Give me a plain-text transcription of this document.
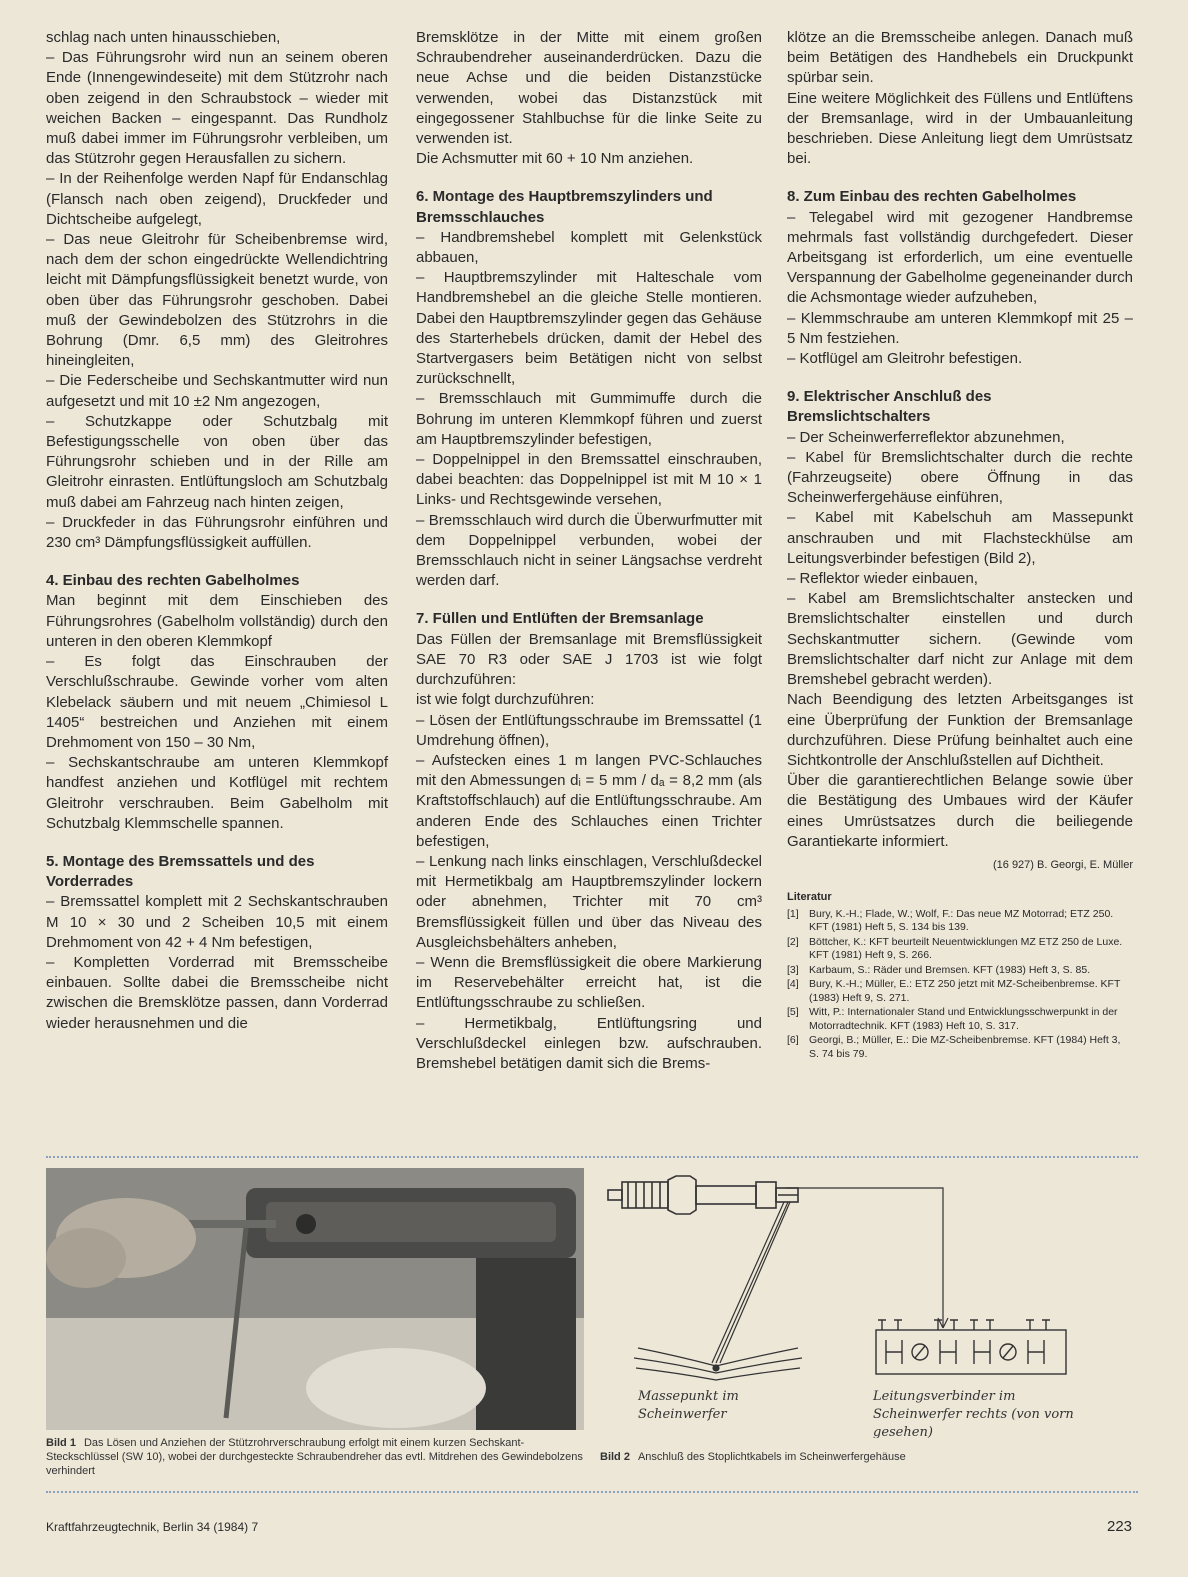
schlag nach unten hinausschieben,

– Das Führungsrohr wird nun an seinem oberen Ende (Innengewindeseite) mit dem Stützrohr nach oben zeigend in den Schraubstock – wieder mit weichen Backen – eingespannt. Das Rundholz muß dabei immer im Führungsrohr verbleiben, um das Stützrohr gegen Herausfallen zu sichern.

– In der Reihenfolge werden Napf für Endanschlag (Flansch nach oben zeigend), Druckfeder und Dichtscheibe aufgelegt,

– Das neue Gleitrohr für Scheibenbremse wird, nach dem der schon eingedrückte Wellendichtring leicht mit Dämpfungsflüssigkeit benetzt wurde, von oben über das Führungsrohr geschoben. Dabei muß der Gewindebolzen des Stützrohrs in die Bohrung (Dmr. 6,5 mm) des Gleitrohres hineingleiten,

– Die Federscheibe und Sechskantmutter wird nun aufgesetzt und mit 10 ±2 Nm angezogen,

– Schutzkappe oder Schutzbalg mit Befestigungsschelle von oben über das Führungsrohr schieben und in der Rille am Gleitrohr einrasten. Entlüftungsloch am Schutzbalg muß dabei am Fahrzeug nach hinten zeigen,

– Druckfeder in das Führungsrohr einführen und 230 cm³ Dämpfungsflüssigkeit auffüllen.

4. Einbau des rechten Gabelholmes

Man beginnt mit dem Einschieben des Führungsrohres (Gabelholm vollständig) durch den unteren in den oberen Klemmkopf

– Es folgt das Einschrauben der Verschlußschraube. Gewinde vorher vom alten Klebelack säubern und mit neuem „Chimiesol L 1405“ bestreichen und Anziehen mit einem Drehmoment von 150 – 30 Nm,

– Sechskantschraube am unteren Klemmkopf handfest anziehen und Kotflügel mit rechtem Gleitrohr verschrauben. Beim Gabelholm mit Schutzbalg Klemmschelle spannen.

5. Montage des Bremssattels und des Vorderrades

– Bremssattel komplett mit 2 Sechskantschrauben M 10 × 30 und 2 Scheiben 10,5 mit einem Drehmoment von 42 + 4 Nm befestigen,

– Kompletten Vorderrad mit Bremsscheibe einbauen. Sollte dabei die Bremsscheibe nicht zwischen die Bremsklötze passen, dann Vorderrad wieder herausnehmen und die

Bremsklötze in der Mitte mit einem großen Schraubendreher auseinanderdrücken. Dazu die neue Achse und die beiden Distanzstücke verwenden, wobei das Distanzstück mit eingegossener Stahlbuchse für die linke Seite zu verwenden ist.

Die Achsmutter mit 60 + 10 Nm anziehen.

6. Montage des Hauptbremszylinders und Bremsschlauches

– Handbremshebel komplett mit Gelenkstück abbauen,

– Hauptbremszylinder mit Halteschale vom Handbremshebel an die gleiche Stelle montieren. Dabei den Hauptbremszylinder gegen das Gehäuse des Starterhebels drücken, damit der Hebel des Startvergasers beim Betätigen nicht von selbst zurückschnellt,

– Bremsschlauch mit Gummimuffe durch die Bohrung im unteren Klemmkopf führen und zuerst am Hauptbremszylinder befestigen,

– Doppelnippel in den Bremssattel einschrauben, dabei beachten: das Doppelnippel ist mit M 10 × 1 Links- und Rechtsgewinde versehen,

– Bremsschlauch wird durch die Überwurfmutter mit dem Doppelnippel verbunden, wobei der Bremsschlauch nicht in seiner Längsachse verdreht werden darf.

7. Füllen und Entlüften der Bremsanlage

Das Füllen der Bremsanlage mit Bremsflüssigkeit SAE 70 R3 oder SAE J 1703 ist wie folgt durchzuführen:

ist wie folgt durchzuführen:

– Lösen der Entlüftungsschraube im Bremssattel (1 Umdrehung öffnen),

– Aufstecken eines 1 m langen PVC-Schlauches mit den Abmessungen dᵢ = 5 mm / dₐ = 8,2 mm (als Kraftstoffschlauch) auf die Entlüftungsschraube. Am anderen Ende des Schlauches einen Trichter befestigen,

– Lenkung nach links einschlagen, Verschlußdeckel mit Hermetikbalg am Hauptbremszylinder lockern oder abnehmen, Trichter mit 70 cm³ Bremsflüssigkeit füllen und über das Niveau des Ausgleichsbehälters anheben,

– Wenn die Bremsflüssigkeit die obere Markierung im Reservebehälter erreicht hat, ist die Entlüftungsschraube zu schließen.

– Hermetikbalg, Entlüftungsring und Verschlußdeckel einlegen bzw. aufschrauben. Bremshebel betätigen damit sich die Brems-

klötze an die Bremsscheibe anlegen. Danach muß beim Betätigen des Handhebels ein Druckpunkt spürbar sein.

Eine weitere Möglichkeit des Füllens und Entlüftens der Bremsanlage, wird in der Umbauanleitung beschrieben. Diese Anleitung liegt dem Umrüstsatz bei.

8. Zum Einbau des rechten Gabelholmes

– Telegabel wird mit gezogener Handbremse mehrmals fast vollständig durchgefedert. Dieser Arbeitsgang ist erforderlich, um eine eventuelle Verspannung der Gabelholme gegeneinander durch die Achsmontage wieder aufzuheben,

– Klemmschraube am unteren Klemmkopf mit 25 – 5 Nm festziehen.

– Kotflügel am Gleitrohr befestigen.

9. Elektrischer Anschluß des Bremslichtschalters

– Der Scheinwerferreflektor abzunehmen,

– Kabel für Bremslichtschalter durch die rechte (Fahrzeugseite) obere Öffnung in das Scheinwerfergehäuse einführen,

– Kabel mit Kabelschuh am Massepunkt anschrauben und mit Flachsteckhülse am Leitungsverbinder befestigen (Bild 2),

– Reflektor wieder einbauen,

– Kabel am Bremslichtschalter anstecken und Bremslichtschalter einstellen und durch Sechskantmutter sichern. (Gewinde vom Bremslichtschalter darf nicht zur Anlage mit dem Bremshebel gebracht werden).

Nach Beendigung des letzten Arbeitsganges ist eine Überprüfung der Funktion der Bremsanlage durchzuführen. Diese Prüfung beinhaltet auch eine Sichtkontrolle der Anschlußstellen auf Dichtheit.

Über die garantierechtlichen Belange sowie über die Bestätigung des Umbaues wird der Käufer eines Umrüstsatzes durch die beiliegende Garantiekarte informiert.

(16 927) B. Georgi, E. Müller

Literatur

[1] Bury, K.-H.; Flade, W.; Wolf, F.: Das neue MZ Motorrad; ETZ 250. KFT (1981) Heft 5, S. 134 bis 139.
[2] Böttcher, K.: KFT beurteilt Neuentwicklungen MZ ETZ 250 de Luxe. KFT (1981) Heft 9, S. 266.
[3] Karbaum, S.: Räder und Bremsen. KFT (1983) Heft 3, S. 85.
[4] Bury, K.-H.; Müller, E.: ETZ 250 jetzt mit MZ-Scheibenbremse. KFT (1983) Heft 9, S. 271.
[5] Witt, P.: Internationaler Stand und Entwicklungsschwerpunkt in der Motorradtechnik. KFT (1983) Heft 10, S. 317.
[6] Georgi, B.; Müller, E.: Die MZ-Scheibenbremse. KFT (1984) Heft 3, S. 74 bis 79.
Massepunkt im
Scheinwerfer
Leitungsverbinder im
Scheinwerfer rechts (von vorn
gesehen)
Bild 1 Das Lösen und Anziehen der Stützrohrverschraubung erfolgt mit einem kurzen Sechskant-Steckschlüssel (SW 10), wobei der durchgesteckte Schraubendreher das evtl. Mitdrehen des Gewindebolzens verhindert
Bild 2 Anschluß des Stoplichtkabels im Scheinwerfergehäuse
Kraftfahrzeugtechnik, Berlin 34 (1984) 7	223
